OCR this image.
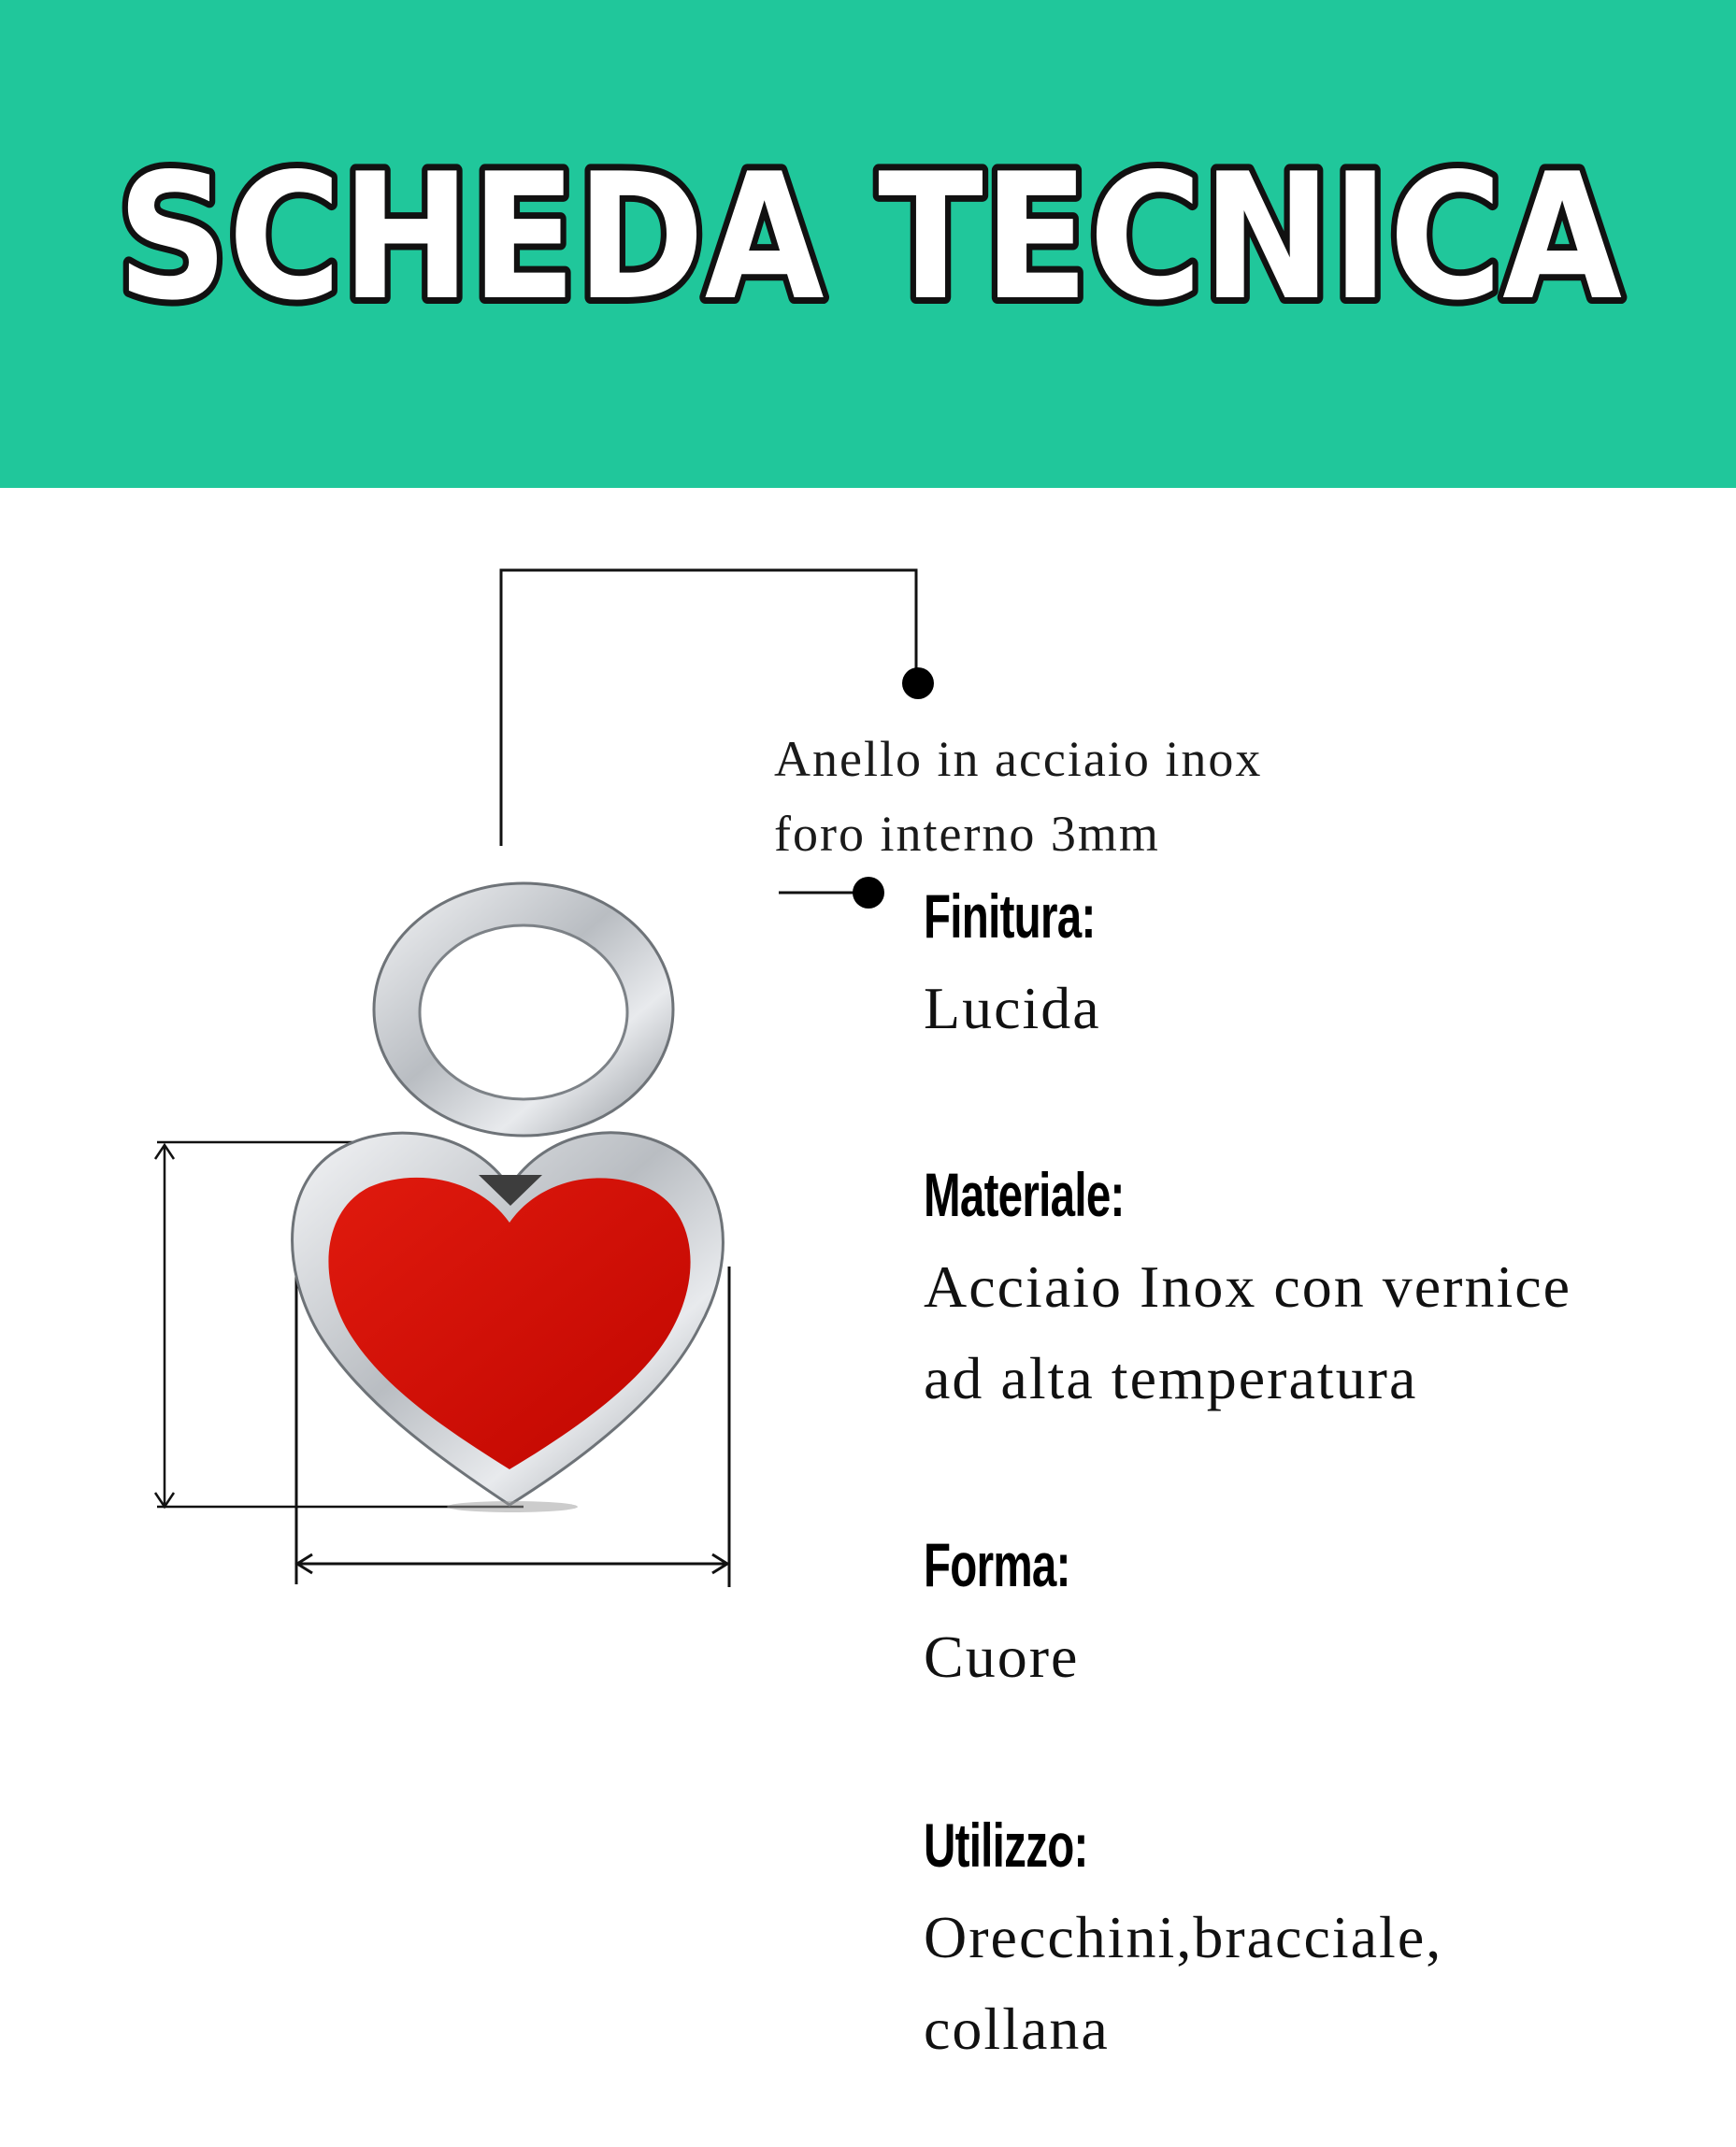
SCHEDA TECNICA
Anello in acciaio inox
foro interno 3mm
Finitura:
Lucida
Materiale:
Acciaio Inox con vernice
ad alta temperatura
Forma:
Cuore
Utilizzo:
Orecchini,bracciale,
collana
